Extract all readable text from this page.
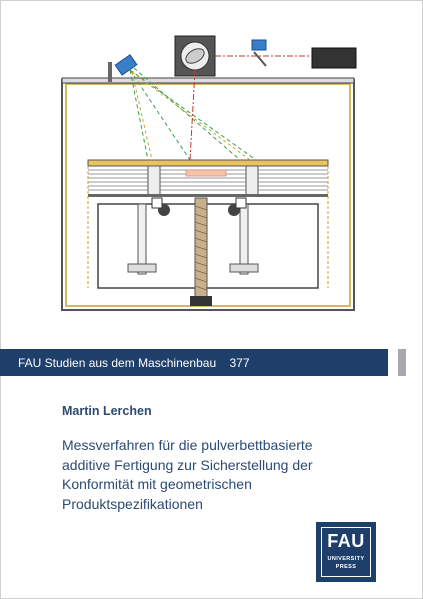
FAU Studien aus dem Maschinenbau 377
Martin Lerchen
Messverfahren für die pulverbettbasierte
additive Fertigung zur Sicherstellung der
Konformität mit geometrischen
Produktspezifikationen
FAU
UNIVERSITY
PRESS
